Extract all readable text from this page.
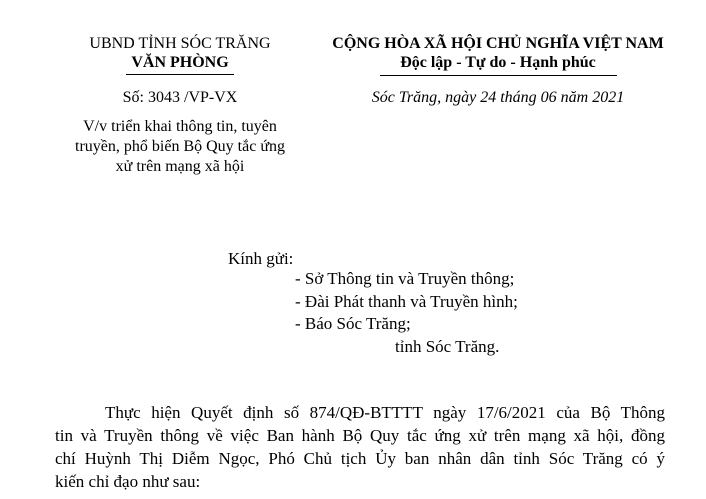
UBND TỈNH SÓC TRĂNG
VĂN PHÒNG
CỘNG HÒA XÃ HỘI CHỦ NGHĨA VIỆT NAM
Độc lập - Tự do - Hạnh phúc
Số: 3043 /VP-VX	Sóc Trăng, ngày 24 tháng 06 năm 2021
V/v triển khai thông tin, tuyên
truyền, phổ biến Bộ Quy tắc ứng
xử trên mạng xã hội
Kính gửi:
- Sở Thông tin và Truyền thông;
- Đài Phát thanh và Truyền hình;
- Báo Sóc Trăng;
tỉnh Sóc Trăng.
Thực hiện Quyết định số 874/QĐ-BTTTT ngày 17/6/2021 của Bộ Thông
tin và Truyền thông về việc Ban hành Bộ Quy tắc ứng xử trên mạng xã hội, đồng
chí Huỳnh Thị Diễm Ngọc, Phó Chủ tịch Ủy ban nhân dân tỉnh Sóc Trăng có ý
kiến chỉ đạo như sau:
